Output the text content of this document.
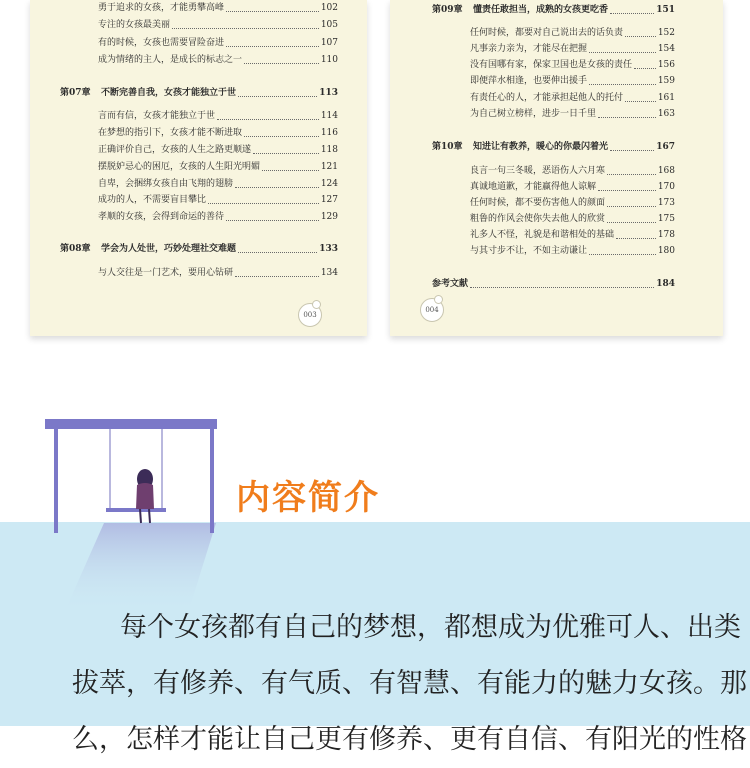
勇于追求的女孩，才能勇攀高峰	102
专注的女孩最美丽	105
有的时候，女孩也需要冒险奋进	107
成为情绪的主人，是成长的标志之一	110
第07章	不断完善自我，女孩才能独立于世	113
言而有信，女孩才能独立于世	114
在梦想的指引下，女孩才能不断进取	116
正确评价自己，女孩的人生之路更顺遂	118
摆脱妒忌心的困厄，女孩的人生阳光明媚	121
自卑，会捆绑女孩自由飞翔的翅膀	124
成功的人，不需要盲目攀比	127
孝顺的女孩，会得到命运的善待	129
第08章	学会为人处世，巧妙处理社交难题	133
与人交往是一门艺术，要用心钻研	134
003
第09章	懂责任敢担当，成熟的女孩更吃香	151
任何时候，都要对自己说出去的话负责	152
凡事亲力亲为，才能尽在把握	154
没有国哪有家，保家卫国也是女孩的责任	156
即便萍水相逢，也要伸出援手	159
有责任心的人，才能承担起他人的托付	161
为自己树立榜样，进步一日千里	163
第10章	知进让有教养，暖心的你最闪着光	167
良言一句三冬暖，恶语伤人六月寒	168
真诚地道歉，才能赢得他人谅解	170
任何时候，都不要伤害他人的颜面	173
粗鲁的作风会使你失去他人的欣赏	175
礼多人不怪，礼貌是和谐相处的基础	178
与其寸步不让，不如主动谦让	180
参考文献	184
004
内容简介
每个女孩都有自己的梦想，都想成为优雅可人、出类
拔萃，有修养、有气质、有智慧、有能力的魅力女孩。那
么，怎样才能让自己更有修养、更有自信、有阳光的性格
